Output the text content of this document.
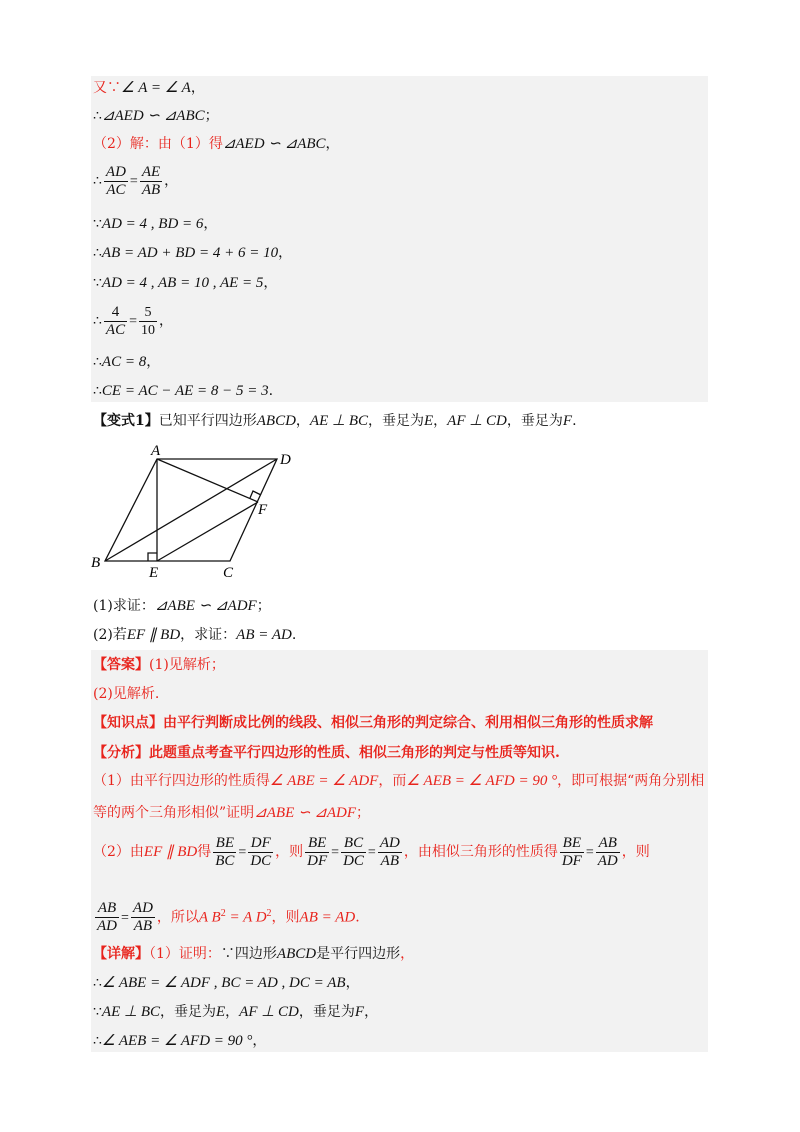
又∵∠ A = ∠ A，
∴⊿AED ∽ ⊿ABC；
（2）解：由（1）得⊿AED ∽ ⊿ABC，
∴ $\frac{AD}{AC} = \frac{AE}{AB}$ ，
∵AD = 4 , BD = 6，
∴AB = AD + BD = 4 + 6 = 10，
∵AD = 4 , AB = 10 , AE = 5，
∴ $\frac{4}{AC} = \frac{5}{10}$ ，
∴AC = 8，
∴CE = AC − AE = 8 − 5 = 3.
【变式1】已知平行四边形ABCD，AE ⊥ BC，垂足为E，AF ⊥ CD，垂足为F.
A
D
F
B
E	C
(1)求证：⊿ABE ∽ ⊿ADF；
(2)若EF ∥ BD，求证：AB = AD.
【答案】(1)见解析；
(2)见解析.
【知识点】由平行判断成比例的线段、相似三角形的判定综合、利用相似三角形的性质求解
【分析】此题重点考查平行四边形的性质、相似三角形的判定与性质等知识.
（1）由平行四边形的性质得∠ ABE = ∠ ADF，而∠ AEB = ∠ AFD = 90 °，即可根据“两角分别相
等的两个三角形相似”证明⊿ABE ∽ ⊿ADF；
（2）由EF ∥ BD得 $\frac{BE}{BC} = \frac{DF}{DC}$ ，则 $\frac{BE}{DF} = \frac{BC}{DC} = \frac{AD}{AB}$ ，由相似三角形的性质得 $\frac{BE}{DF} = \frac{AB}{AD}$ ，则
$\frac{AB}{AD} = \frac{AD}{AB}$ ，所以A $B^2 = A$ $D^2$，则AB = AD.
【详解】（1）证明：∵四边形ABCD是平行四边形，
∴∠ ABE = ∠ ADF , BC = AD , DC = AB，
∵AE ⊥ BC，垂足为E，AF ⊥ CD，垂足为F，
∴∠ AEB = ∠ AFD = 90 °，
